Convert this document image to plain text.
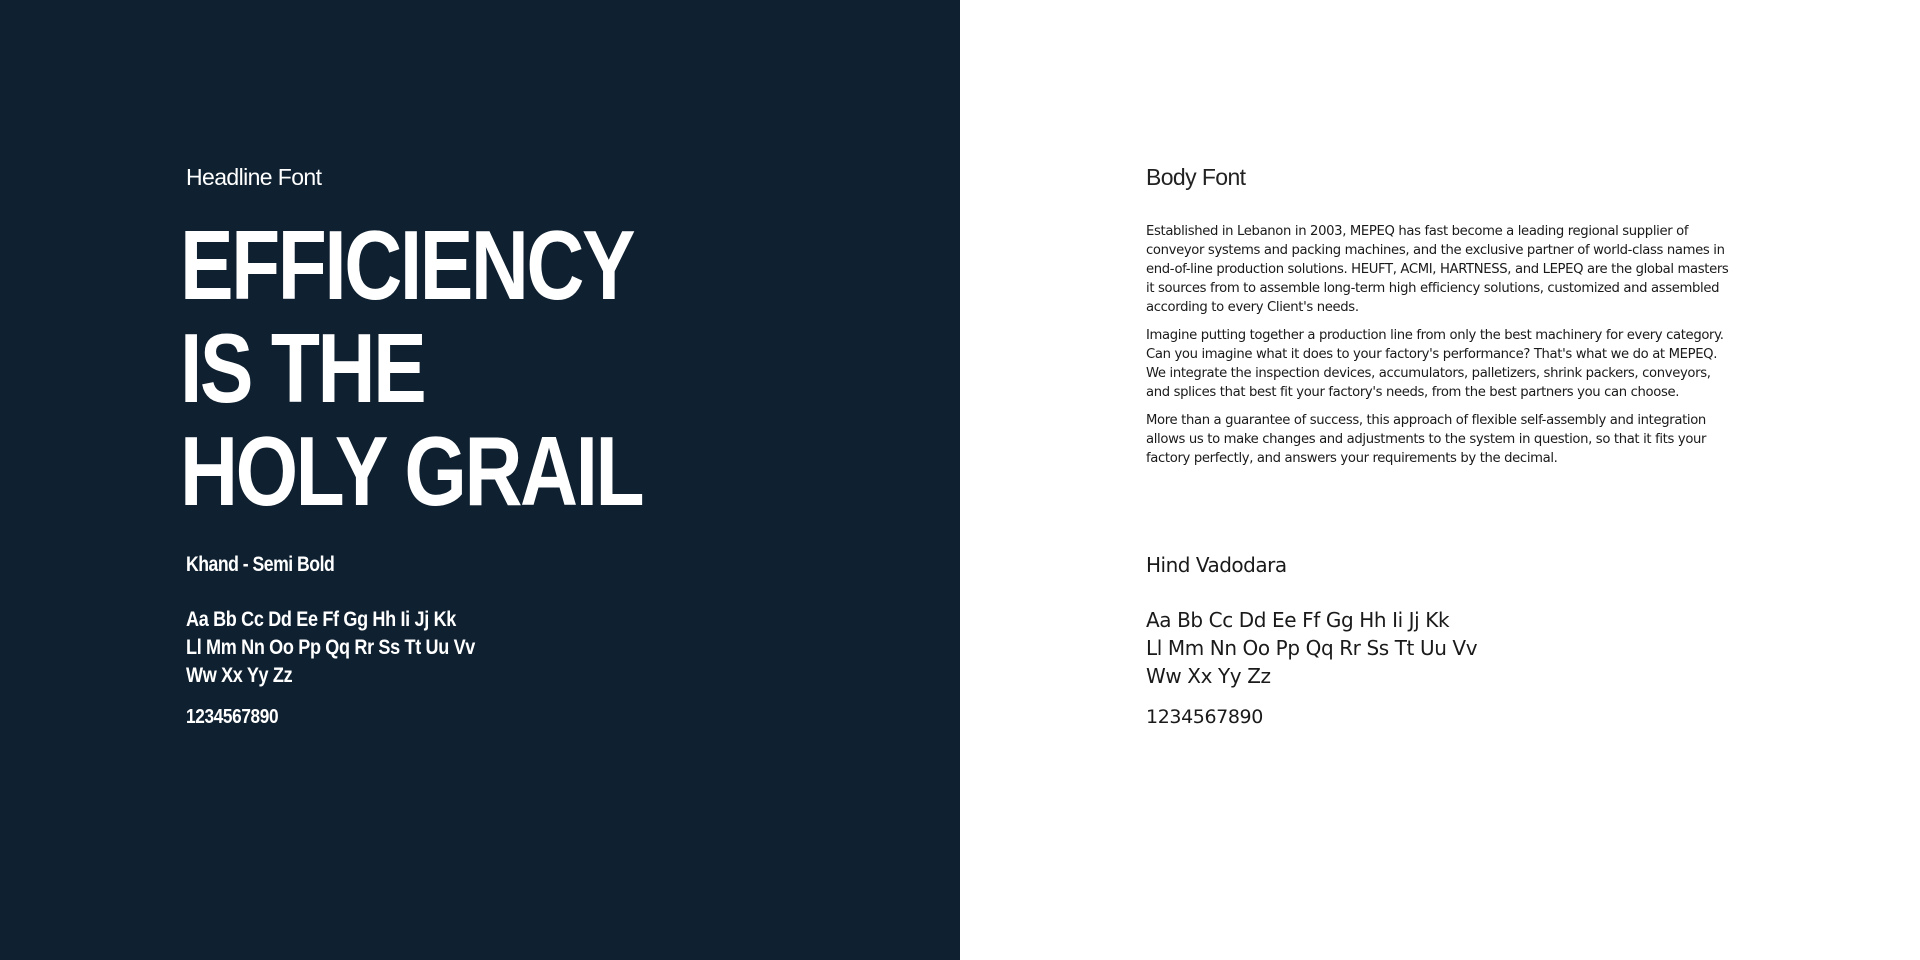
Headline Font
EFFICIENCY
IS THE
HOLY GRAIL
Khand - Semi Bold
Aa Bb Cc Dd Ee Ff Gg Hh Ii Jj Kk
Ll Mm Nn Oo Pp Qq Rr Ss Tt Uu Vv
Ww Xx Yy Zz
1234567890
Body Font

Established in Lebanon in 2003, MEPEQ has fast become a leading regional supplier of conveyor systems and packing machines, and the exclusive partner of world-class names in end-of-line production solutions. HEUFT, ACMI, HARTNESS, and LEPEQ are the global masters it sources from to assemble long-term high efficiency solutions, customized and assembled according to every Client's needs.

Imagine putting together a production line from only the best machinery for every category. Can you imagine what it does to your factory's performance? That's what we do at MEPEQ. We integrate the inspection devices, accumulators, palletizers, shrink packers, conveyors, and splices that best fit your factory's needs, from the best partners you can choose.

More than a guarantee of success, this approach of flexible self-assembly and integration allows us to make changes and adjustments to the system in question, so that it fits your factory perfectly, and answers your requirements by the decimal.

Hind Vadodara
Aa Bb Cc Dd Ee Ff Gg Hh Ii Jj Kk
Ll Mm Nn Oo Pp Qq Rr Ss Tt Uu Vv
Ww Xx Yy Zz
1234567890
